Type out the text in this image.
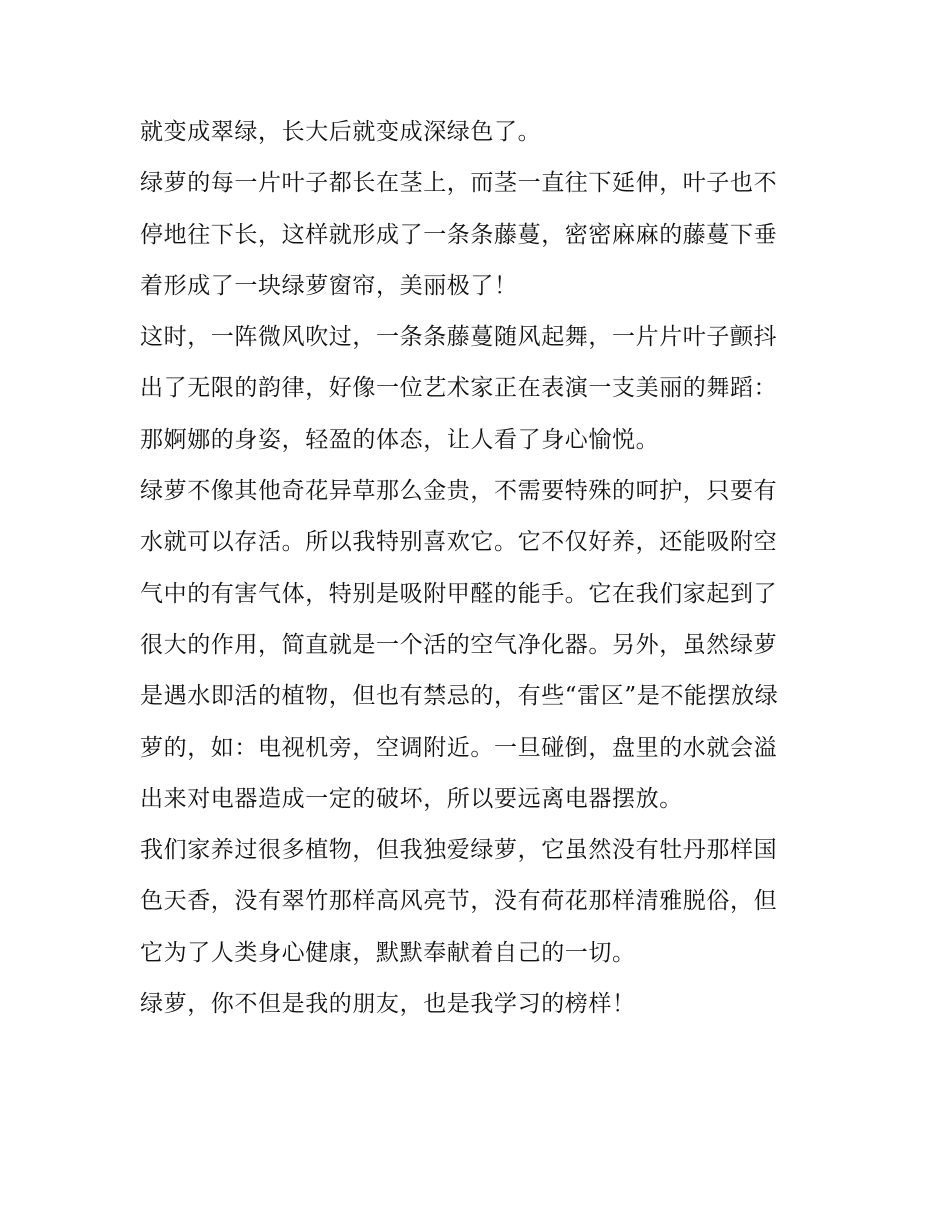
就变成翠绿，长大后就变成深绿色了。
绿萝的每一片叶子都长在茎上，而茎一直往下延伸，叶子也不
停地往下长，这样就形成了一条条藤蔓，密密麻麻的藤蔓下垂
着形成了一块绿萝窗帘，美丽极了！
这时，一阵微风吹过，一条条藤蔓随风起舞，一片片叶子颤抖
出了无限的韵律，好像一位艺术家正在表演一支美丽的舞蹈：
那婀娜的身姿，轻盈的体态，让人看了身心愉悦。
绿萝不像其他奇花异草那么金贵，不需要特殊的呵护，只要有
水就可以存活。所以我特别喜欢它。它不仅好养，还能吸附空
气中的有害气体，特别是吸附甲醛的能手。它在我们家起到了
很大的作用，简直就是一个活的空气净化器。另外，虽然绿萝
是遇水即活的植物，但也有禁忌的，有些“雷区”是不能摆放绿
萝的，如：电视机旁，空调附近。一旦碰倒，盘里的水就会溢
出来对电器造成一定的破坏，所以要远离电器摆放。
我们家养过很多植物，但我独爱绿萝，它虽然没有牡丹那样国
色天香，没有翠竹那样高风亮节，没有荷花那样清雅脱俗，但
它为了人类身心健康，默默奉献着自己的一切。
绿萝，你不但是我的朋友，也是我学习的榜样！
